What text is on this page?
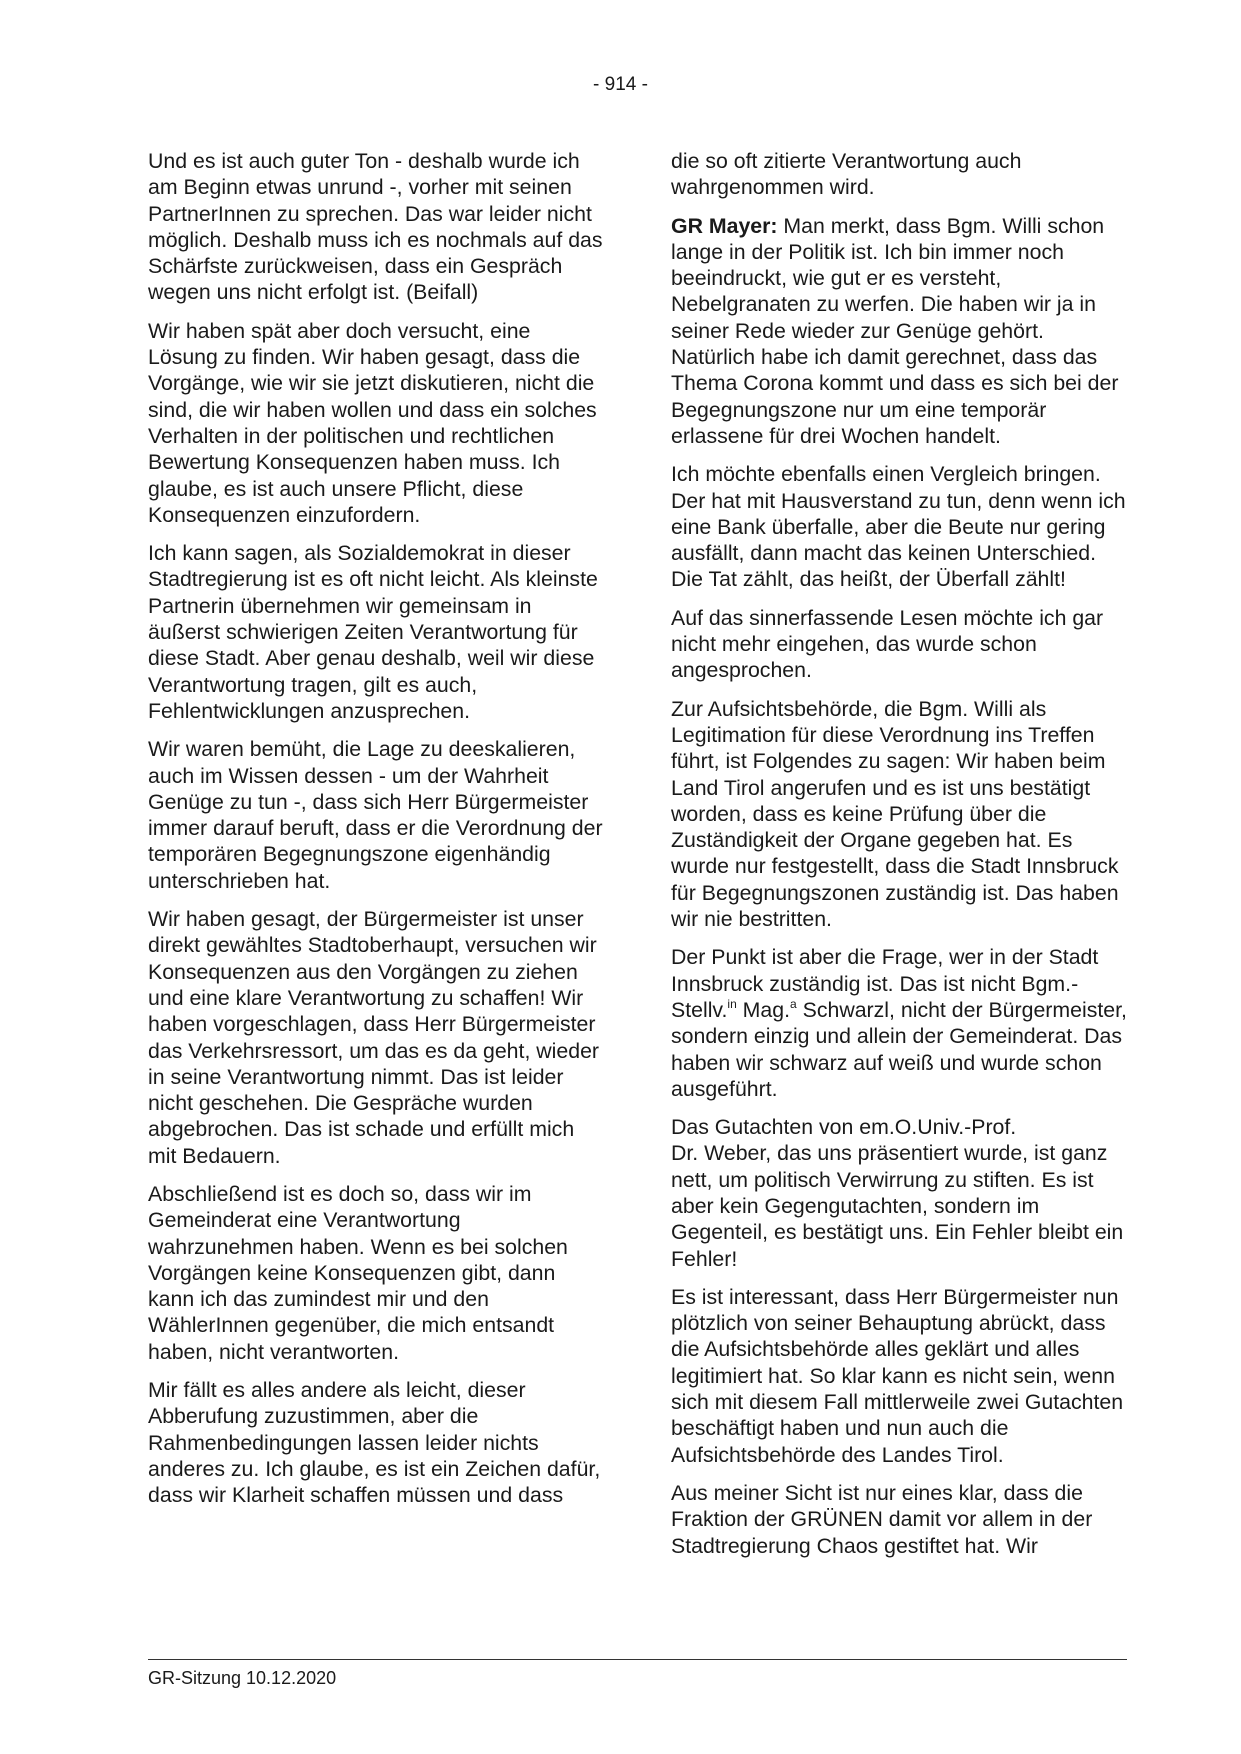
- 914 -

Und es ist auch guter Ton - deshalb wurde ich am Beginn etwas unrund -, vorher mit seinen PartnerInnen zu sprechen. Das war leider nicht möglich. Deshalb muss ich es nochmals auf das Schärfste zurückweisen, dass ein Gespräch wegen uns nicht erfolgt ist. (Beifall)

Wir haben spät aber doch versucht, eine Lösung zu finden. Wir haben gesagt, dass die Vorgänge, wie wir sie jetzt diskutieren, nicht die sind, die wir haben wollen und dass ein solches Verhalten in der politischen und rechtlichen Bewertung Konsequenzen haben muss. Ich glaube, es ist auch unsere Pflicht, diese Konsequenzen einzufordern.

Ich kann sagen, als Sozialdemokrat in dieser Stadtregierung ist es oft nicht leicht. Als kleinste Partnerin übernehmen wir gemeinsam in äußerst schwierigen Zeiten Verantwortung für diese Stadt. Aber genau deshalb, weil wir diese Verantwortung tragen, gilt es auch, Fehlentwicklungen anzusprechen.

Wir waren bemüht, die Lage zu deeskalieren, auch im Wissen dessen - um der Wahrheit Genüge zu tun -, dass sich Herr Bürgermeister immer darauf beruft, dass er die Verordnung der temporären Begegnungszone eigenhändig unterschrieben hat.

Wir haben gesagt, der Bürgermeister ist unser direkt gewähltes Stadtoberhaupt, versuchen wir Konsequenzen aus den Vorgängen zu ziehen und eine klare Verantwortung zu schaffen! Wir haben vorgeschlagen, dass Herr Bürgermeister das Verkehrsressort, um das es da geht, wieder in seine Verantwortung nimmt. Das ist leider nicht geschehen. Die Gespräche wurden abgebrochen. Das ist schade und erfüllt mich mit Bedauern.

Abschließend ist es doch so, dass wir im Gemeinderat eine Verantwortung wahrzunehmen haben. Wenn es bei solchen Vorgängen keine Konsequenzen gibt, dann kann ich das zumindest mir und den WählerInnen gegenüber, die mich entsandt haben, nicht verantworten.

Mir fällt es alles andere als leicht, dieser Abberufung zuzustimmen, aber die Rahmenbedingungen lassen leider nichts anderes zu. Ich glaube, es ist ein Zeichen dafür, dass wir Klarheit schaffen müssen und dass

die so oft zitierte Verantwortung auch wahrgenommen wird.

GR Mayer: Man merkt, dass Bgm. Willi schon lange in der Politik ist. Ich bin immer noch beeindruckt, wie gut er es versteht, Nebelgranaten zu werfen. Die haben wir ja in seiner Rede wieder zur Genüge gehört. Natürlich habe ich damit gerechnet, dass das Thema Corona kommt und dass es sich bei der Begegnungszone nur um eine temporär erlassene für drei Wochen handelt.

Ich möchte ebenfalls einen Vergleich bringen. Der hat mit Hausverstand zu tun, denn wenn ich eine Bank überfalle, aber die Beute nur gering ausfällt, dann macht das keinen Unterschied. Die Tat zählt, das heißt, der Überfall zählt!

Auf das sinnerfassende Lesen möchte ich gar nicht mehr eingehen, das wurde schon angesprochen.

Zur Aufsichtsbehörde, die Bgm. Willi als Legitimation für diese Verordnung ins Treffen führt, ist Folgendes zu sagen: Wir haben beim Land Tirol angerufen und es ist uns bestätigt worden, dass es keine Prüfung über die Zuständigkeit der Organe gegeben hat. Es wurde nur festgestellt, dass die Stadt Innsbruck für Begegnungszonen zuständig ist. Das haben wir nie bestritten.

Der Punkt ist aber die Frage, wer in der Stadt Innsbruck zuständig ist. Das ist nicht Bgm.-Stellv.$^{in}$ Mag.$^a$ Schwarzl, nicht der Bürgermeister, sondern einzig und allein der Gemeinderat. Das haben wir schwarz auf weiß und wurde schon ausgeführt.

Das Gutachten von em.O.Univ.-Prof.
Dr. Weber, das uns präsentiert wurde, ist ganz nett, um politisch Verwirrung zu stiften. Es ist aber kein Gegengutachten, sondern im Gegenteil, es bestätigt uns. Ein Fehler bleibt ein Fehler!

Es ist interessant, dass Herr Bürgermeister nun plötzlich von seiner Behauptung abrückt, dass die Aufsichtsbehörde alles geklärt und alles legitimiert hat. So klar kann es nicht sein, wenn sich mit diesem Fall mittlerweile zwei Gutachten beschäftigt haben und nun auch die Aufsichtsbehörde des Landes Tirol.

Aus meiner Sicht ist nur eines klar, dass die Fraktion der GRÜNEN damit vor allem in der Stadtregierung Chaos gestiftet hat. Wir

GR-Sitzung 10.12.2020
